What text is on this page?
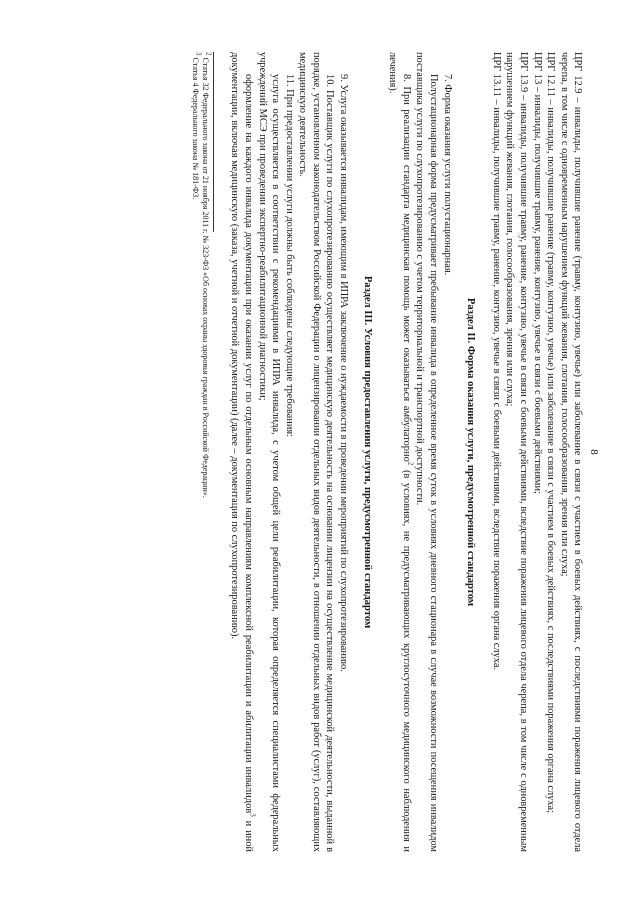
8

ЦРГ 12.9 – инвалиды, получившие ранение (травму, контузию, увечье) или заболевание в связи с участием в боевых действиях, с последствиями поражения лицевого отдела черепа, в том числе с одновременным нарушением функций жевания, глотания, голосообразования, зрения или слуха;

ЦРГ 12.11 – инвалиды, получившие ранение (травму, контузию, увечье) или заболевание в связи с участием в боевых действиях, с последствиями поражения органа слуха;

ЦРГ 13 – инвалиды, получившие травму, ранение, контузию, увечье в связи с боевыми действиями;

ЦРГ 13.9 – инвалиды, получившие травму, ранение, контузию, увечье в связи с боевыми действиями, вследствие поражения лицевого отдела черепа, в том числе с одновременным нарушением функций жевания, глотания, голосообразования, зрения или слуха;

ЦРГ 13.11 – инвалиды, получившие травму, ранение, контузию, увечье в связи с боевыми действиями, вследствие поражения органа слуха.

Раздел II. Форма оказания услуги, предусмотренной стандартом

7. Форма оказания услуги полустационарная.

Полустационарная форма предусматривает пребывание инвалида в определенное время суток в условиях дневного стационара в случае возможности посещения инвалидом поставщика услуги по слухопротезированию с учетом территориальной и транспортной доступности.

8. При реализации стандарта медицинская помощь может оказываться амбулаторно$^2$ (в условиях, не предусматривающих круглосуточного медицинского наблюдения и лечения).

Раздел III. Условия предоставления услуги, предусмотренной стандартом

9. Услуга оказывается инвалидам, имеющим в ИПРА заключение о нуждаемости в проведении мероприятий по слухопротезированию.

10. Поставщик услуги по слухопротезированию осуществляет медицинскую деятельность на основании лицензии на осуществление медицинской деятельности, выданной в порядке, установленном законодательством Российской Федерации о лицензировании отдельных видов деятельности, в отношении отдельных видов работ (услуг), составляющих медицинскую деятельность.

11. При предоставлении услуги должны быть соблюдены следующие требования:

услуга осуществляется в соответствии с рекомендациями в ИПРА инвалида, с учетом общей цели реабилитации, которая определяется специалистами федеральных учреждений МСЭ при проведении экспертно-реабилитационной диагностики;

оформление на каждого инвалида документации при оказании услуг по отдельным основным направлениям комплексной реабилитации и абилитации инвалидов$^3$ и иной документации, включая медицинскую (заказа, учетной и отчетной документации) (далее – документация по слухопротезированию).

$^2$ Статья 32 Федерального закона от 21 ноября 2011 г. № 323-ФЗ «Об основах охраны здоровья граждан в Российской Федерации».

$^3$ Статья 4 Федерального закона № 181-ФЗ.
